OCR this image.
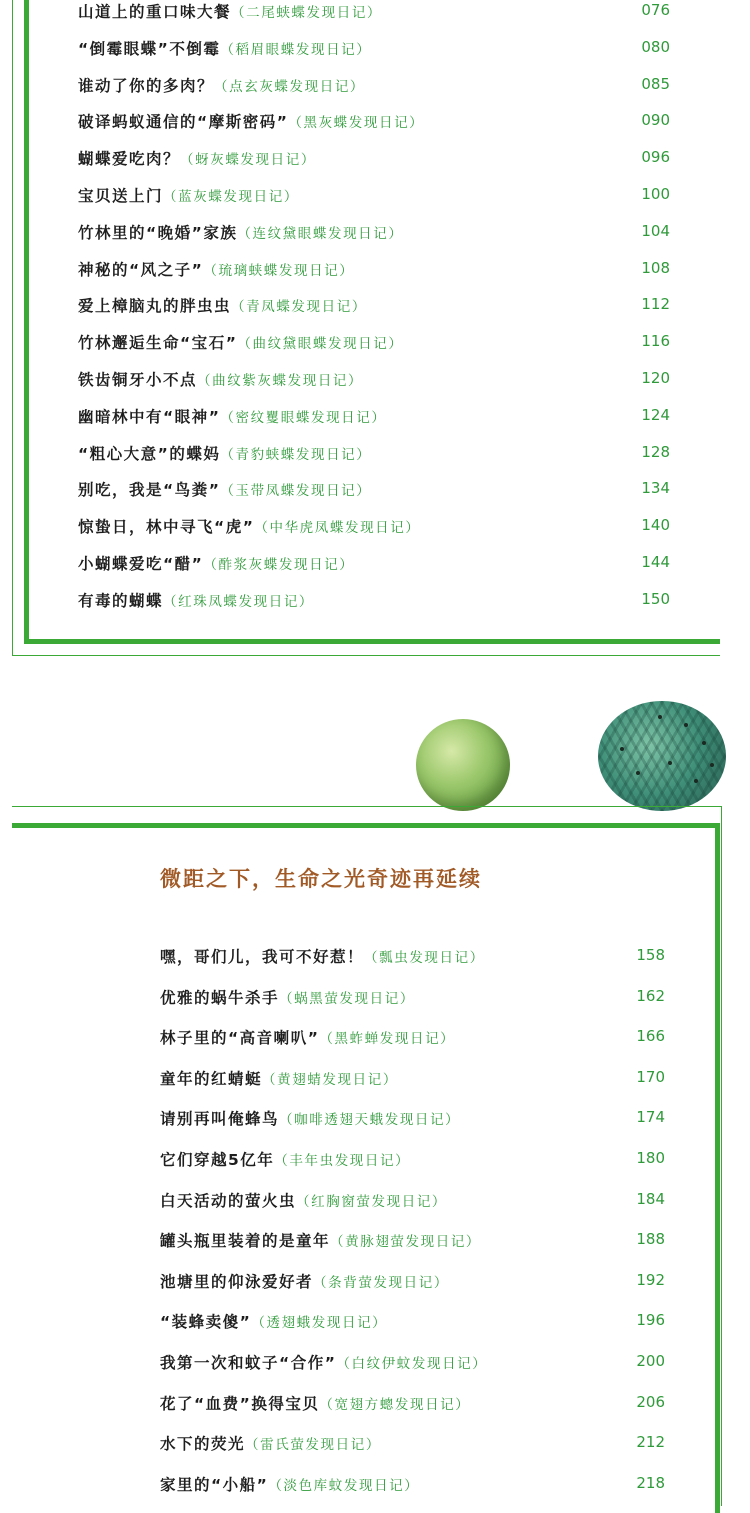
山道上的重口味大餐 （二尾蛱蝶发现日记）	076
“倒霉眼蝶”不倒霉 （稻眉眼蝶发现日记）	080
谁动了你的多肉？ （点玄灰蝶发现日记）	085
破译蚂蚁通信的“摩斯密码” （黑灰蝶发现日记）	090
蝴蝶爱吃肉？ （蚜灰蝶发现日记）	096
宝贝送上门 （蓝灰蝶发现日记）	100
竹林里的“晚婚”家族 （连纹黛眼蝶发现日记）	104
神秘的“风之子” （琉璃蛱蝶发现日记）	108
爱上樟脑丸的胖虫虫 （青凤蝶发现日记）	112
竹林邂逅生命“宝石” （曲纹黛眼蝶发现日记）	116
铁齿铜牙小不点 （曲纹紫灰蝶发现日记）	120
幽暗林中有“眼神” （密纹矍眼蝶发现日记）	124
“粗心大意”的蝶妈 （青豹蛱蝶发现日记）	128
别吃，我是“鸟粪” （玉带凤蝶发现日记）	134
惊蛰日，林中寻飞“虎” （中华虎凤蝶发现日记）	140
小蝴蝶爱吃“醋” （酢浆灰蝶发现日记）	144
有毒的蝴蝶 （红珠凤蝶发现日记）	150
微距之下，生命之光奇迹再延续
嘿，哥们儿，我可不好惹！ （瓢虫发现日记）	158
优雅的蜗牛杀手 （蜗黑萤发现日记）	162
林子里的“高音喇叭” （黑蚱蝉发现日记）	166
童年的红蜻蜓 （黄翅蜻发现日记）	170
请别再叫俺蜂鸟 （咖啡透翅天蛾发现日记）	174
它们穿越5亿年 （丰年虫发现日记）	180
白天活动的萤火虫 （红胸窗萤发现日记）	184
罐头瓶里装着的是童年 （黄脉翅萤发现日记）	188
池塘里的仰泳爱好者 （条背萤发现日记）	192
“装蜂卖傻” （透翅蛾发现日记）	196
我第一次和蚊子“合作” （白纹伊蚊发现日记）	200
花了“血费”换得宝贝 （宽翅方蟌发现日记）	206
水下的荧光 （雷氏萤发现日记）	212
家里的“小船” （淡色库蚊发现日记）	218
